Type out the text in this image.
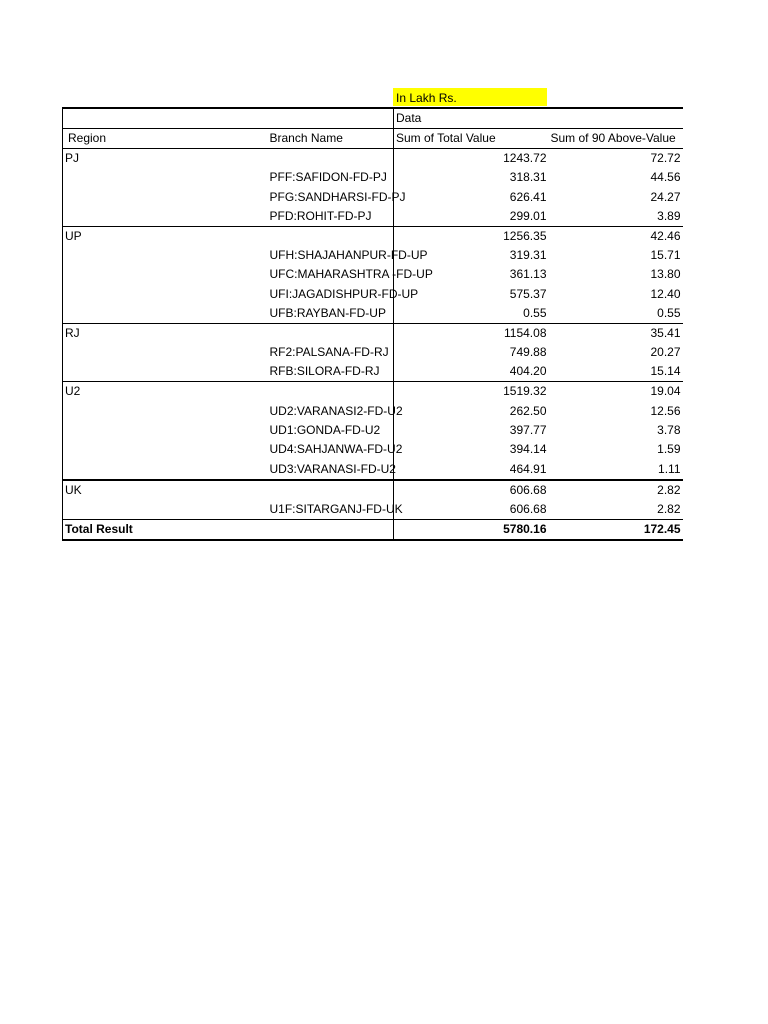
In Lakh Rs.
		Data	
Region	Branch Name	Sum of Total Value	Sum of 90 Above-Value
PJ		1243.72	72.72
	PFF:SAFIDON-FD-PJ	318.31	44.56
	PFG:SANDHARSI-FD-PJ	626.41	24.27
	PFD:ROHIT-FD-PJ	299.01	3.89
UP		1256.35	42.46
	UFH:SHAJAHANPUR-FD-UP	319.31	15.71
	UFC:MAHARASHTRA -FD-UP	361.13	13.80
	UFI:JAGADISHPUR-FD-UP	575.37	12.40
	UFB:RAYBAN-FD-UP	0.55	0.55
RJ		1154.08	35.41
	RF2:PALSANA-FD-RJ	749.88	20.27
	RFB:SILORA-FD-RJ	404.20	15.14
U2		1519.32	19.04
	UD2:VARANASI2-FD-U2	262.50	12.56
	UD1:GONDA-FD-U2	397.77	3.78
	UD4:SAHJANWA-FD-U2	394.14	1.59
	UD3:VARANASI-FD-U2	464.91	1.11
UK		606.68	2.82
	U1F:SITARGANJ-FD-UK	606.68	2.82
Total Result		5780.16	172.45
